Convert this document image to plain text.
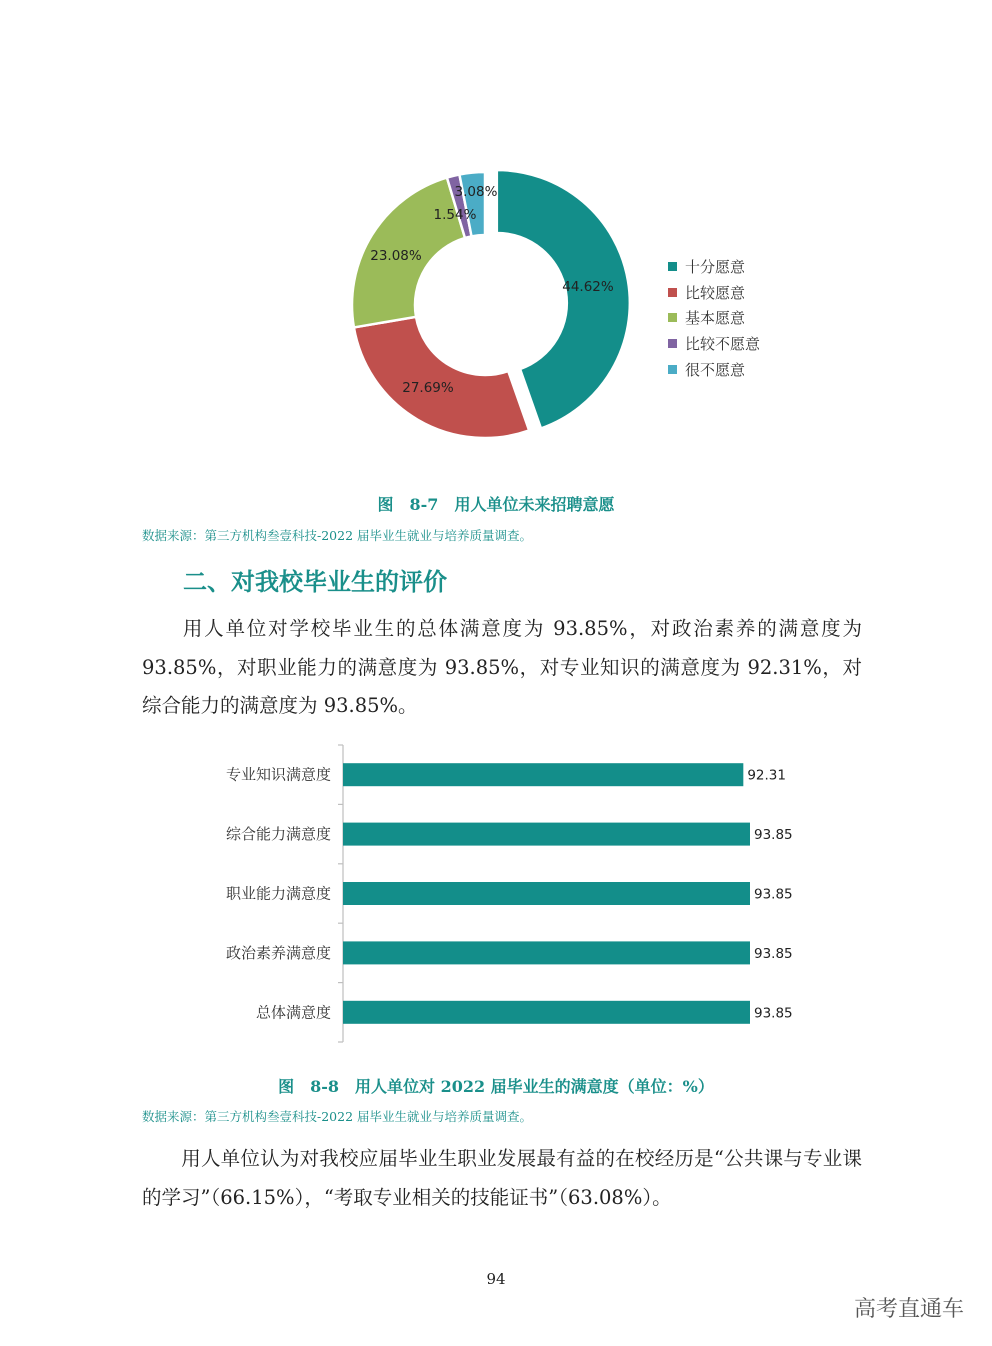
44.62%
27.69%
23.08%
1.54%
3.08%
十分愿意
比较愿意
基本愿意
比较不愿意
很不愿意
图　8-7　用人单位未来招聘意愿
数据来源：第三方机构叁壹科技-2022 届毕业生就业与培养质量调查。
二、对我校毕业生的评价
用人单位对学校毕业生的总体满意度为 93.85%，对政治素养的满意度为 93.85%，对职业能力的满意度为 93.85%，对专业知识的满意度为 92.31%，对综合能力的满意度为 93.85%。
专业知识满意度	92.31
综合能力满意度	93.85
职业能力满意度	93.85
政治素养满意度	93.85
总体满意度	93.85
图　8-8　用人单位对 2022 届毕业生的满意度（单位：%）
数据来源：第三方机构叁壹科技-2022 届毕业生就业与培养质量调查。
用人单位认为对我校应届毕业生职业发展最有益的在校经历是“公共课与专业课的学习”（66.15%），“考取专业相关的技能证书”（63.08%）。
94
高考直通车
